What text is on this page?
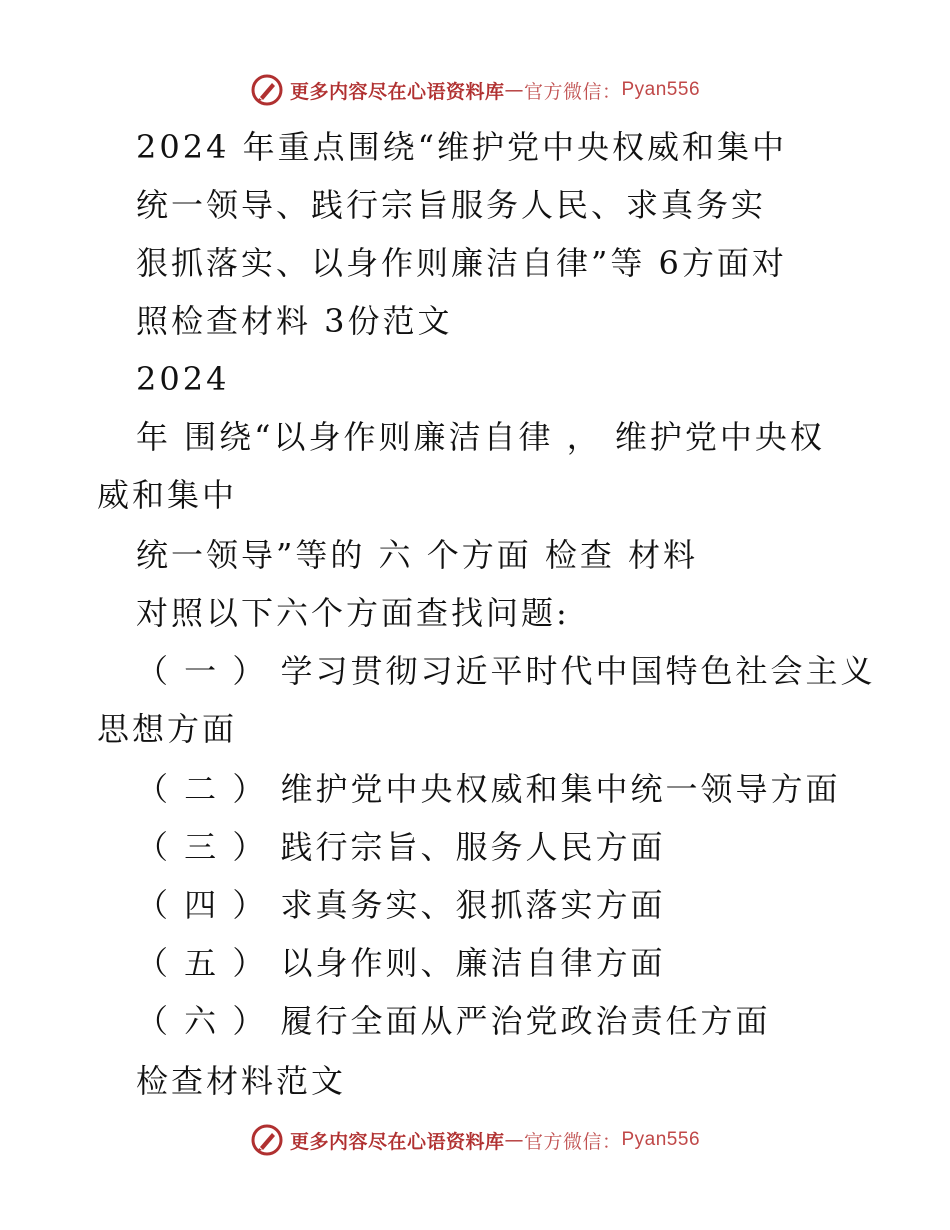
更多内容尽在心语资料库 — 官方微信： Pyan556
2024 年重点围绕“维护党中央权威和集中
统一领导、践行宗旨服务人民、求真务实
狠抓落实、以身作则廉洁自律”等 6方面对
照检查材料 3份范文
2024
年 围绕“以身作则廉洁自律 ， 维护党中央权
威和集中
统一领导”等的 六 个方面 检查 材料
对照以下六个方面查找问题:
（ 一 ） 学习贯彻习近平时代中国特色社会主义
思想方面
（ 二 ） 维护党中央权威和集中统一领导方面
（ 三 ） 践行宗旨、服务人民方面
（ 四 ） 求真务实、狠抓落实方面
（ 五 ） 以身作则、廉洁自律方面
（ 六 ） 履行全面从严治党政治责任方面
检查材料范文
更多内容尽在心语资料库 — 官方微信： Pyan556
